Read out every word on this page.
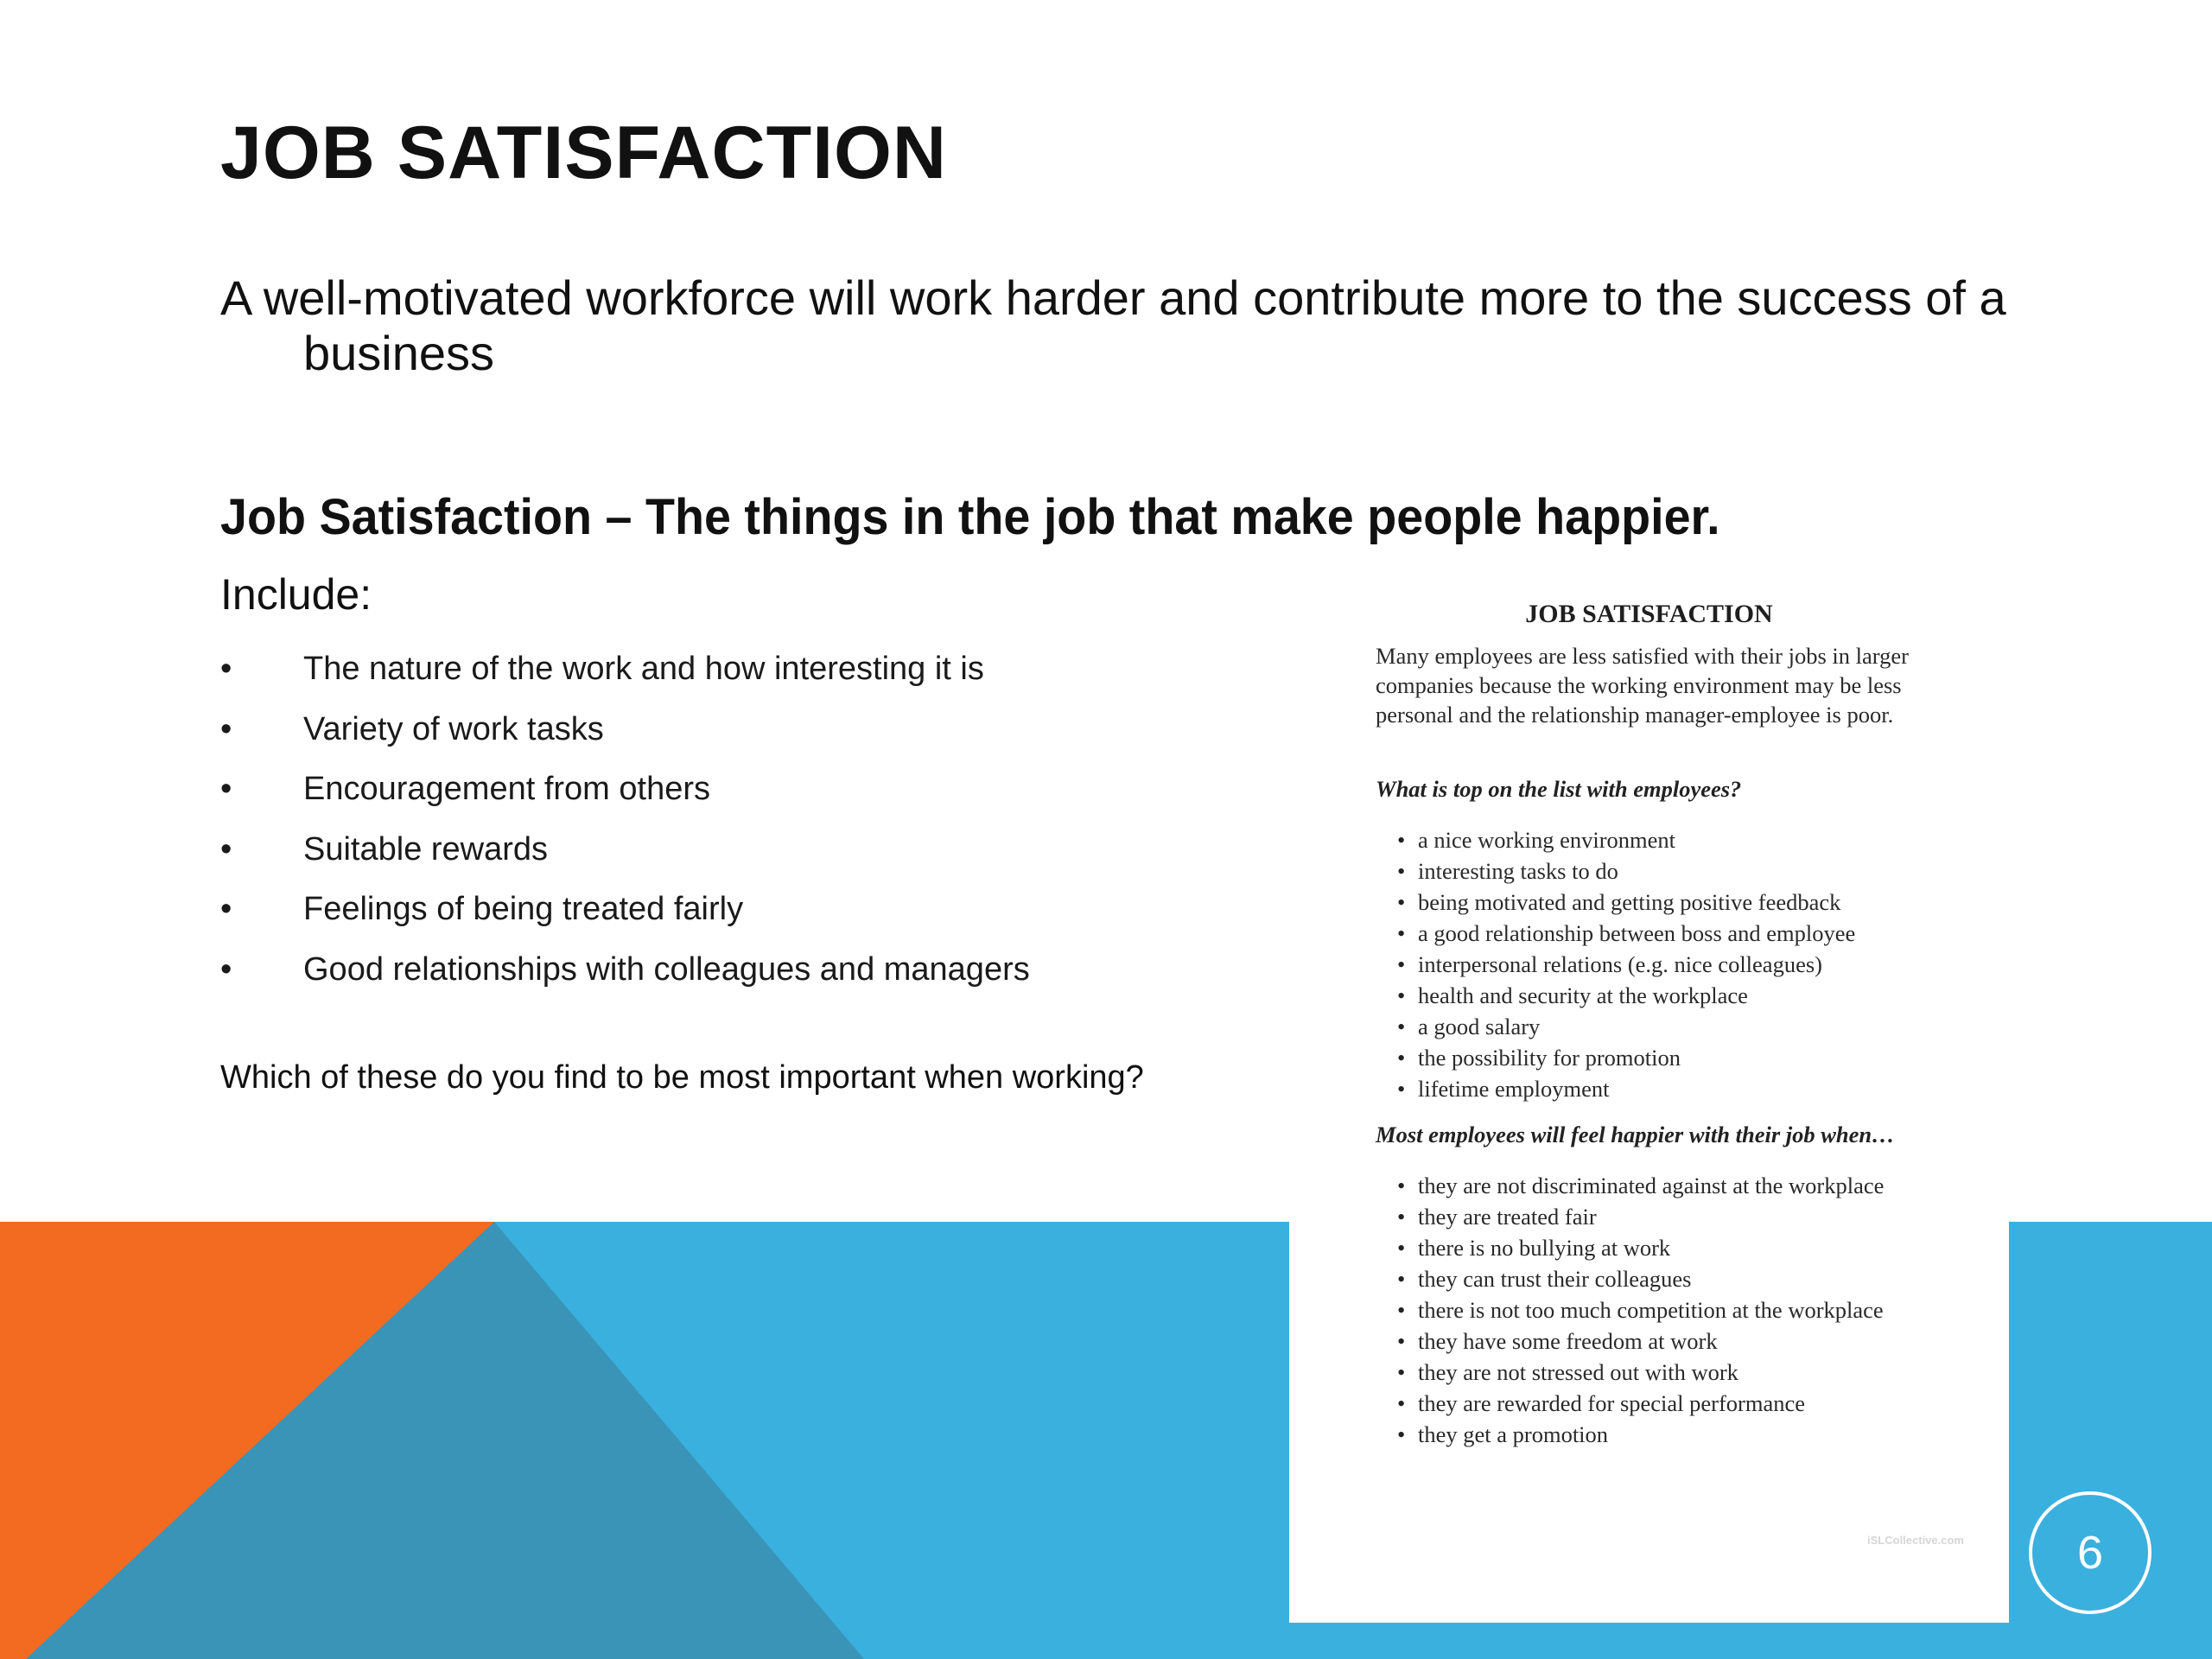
JOB SATISFACTION
A well-motivated workforce will work harder and contribute more to the success of a business
Job Satisfaction – The things in the job that make people happier.
Include:
•	The nature of the work and how interesting it is
•	Variety of work tasks
•	Encouragement from others
•	Suitable rewards
•	Feelings of being treated fairly
•	Good relationships with colleagues and managers
Which of these do you find to be most important when working?
JOB SATISFACTION
Many employees are less satisfied with their jobs in larger companies because the working environment may be less personal and the relationship manager-employee is poor.
What is top on the list with employees?
• a nice working environment
• interesting tasks to do
• being motivated and getting positive feedback
• a good relationship between boss and employee
• interpersonal relations (e.g. nice colleagues)
• health and security at the workplace
• a good salary
• the possibility for promotion
• lifetime employment
Most employees will feel happier with their job when…
• they are not discriminated against at the workplace
• they are treated fair
• there is no bullying at work
• they can trust their colleagues
• there is not too much competition at the workplace
• they have some freedom at work
• they are not stressed out with work
• they are rewarded for special performance
• they get a promotion
iSLCollective.com 6
